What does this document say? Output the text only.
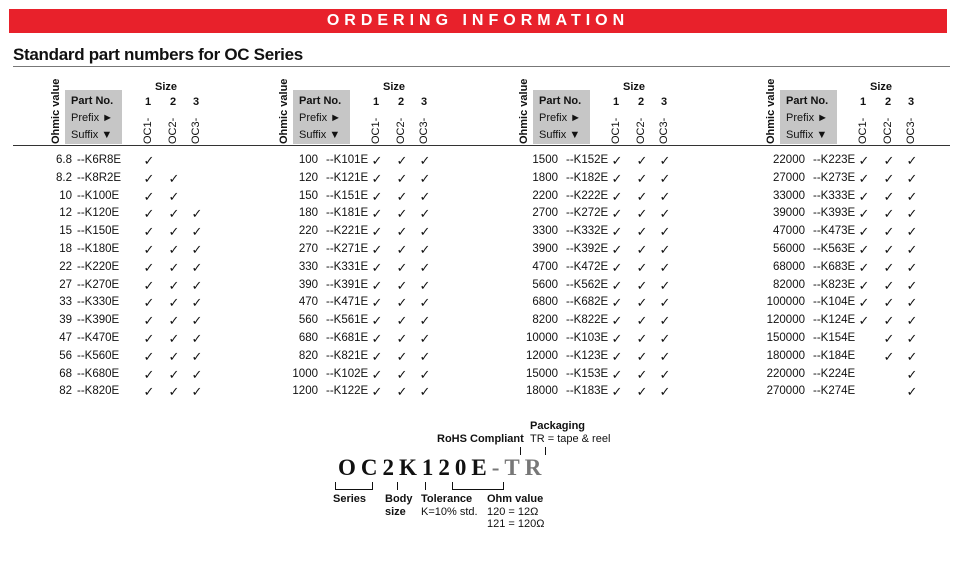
ORDERING INFORMATION
Standard part numbers for OC Series
Ohmic value Part No.
Prefix ►
Suffix ▼
Size
1
OC1-
2
OC2-
3
OC3-
6.8 --K6R8E ✓
8.2 --K8R2E ✓ ✓
10 --K100E ✓ ✓
12 --K120E ✓ ✓ ✓
15 --K150E ✓ ✓ ✓
18 --K180E ✓ ✓ ✓
22 --K220E ✓ ✓ ✓
27 --K270E ✓ ✓ ✓
33 --K330E ✓ ✓ ✓
39 --K390E ✓ ✓ ✓
47 --K470E ✓ ✓ ✓
56 --K560E ✓ ✓ ✓
68 --K680E ✓ ✓ ✓
82 --K820E ✓ ✓ ✓
Ohmic value Part No.
Prefix ►
Suffix ▼
Size
1
OC1-
2
OC2-
3
OC3-
100 --K101E ✓ ✓ ✓
120 --K121E ✓ ✓ ✓
150 --K151E ✓ ✓ ✓
180 --K181E ✓ ✓ ✓
220 --K221E ✓ ✓ ✓
270 --K271E ✓ ✓ ✓
330 --K331E ✓ ✓ ✓
390 --K391E ✓ ✓ ✓
470 --K471E ✓ ✓ ✓
560 --K561E ✓ ✓ ✓
680 --K681E ✓ ✓ ✓
820 --K821E ✓ ✓ ✓
1000 --K102E ✓ ✓ ✓
1200 --K122E ✓ ✓ ✓
Ohmic value Part No.
Prefix ►
Suffix ▼
Size
1
OC1-
2
OC2-
3
OC3-
1500 --K152E ✓ ✓ ✓
1800 --K182E ✓ ✓ ✓
2200 --K222E ✓ ✓ ✓
2700 --K272E ✓ ✓ ✓
3300 --K332E ✓ ✓ ✓
3900 --K392E ✓ ✓ ✓
4700 --K472E ✓ ✓ ✓
5600 --K562E ✓ ✓ ✓
6800 --K682E ✓ ✓ ✓
8200 --K822E ✓ ✓ ✓
10000 --K103E ✓ ✓ ✓
12000 --K123E ✓ ✓ ✓
15000 --K153E ✓ ✓ ✓
18000 --K183E ✓ ✓ ✓
Ohmic value Part No.
Prefix ►
Suffix ▼
Size
1
OC1-
2
OC2-
3
OC3-
22000 --K223E ✓ ✓ ✓
27000 --K273E ✓ ✓ ✓
33000 --K333E ✓ ✓ ✓
39000 --K393E ✓ ✓ ✓
47000 --K473E ✓ ✓ ✓
56000 --K563E ✓ ✓ ✓
68000 --K683E ✓ ✓ ✓
82000 --K823E ✓ ✓ ✓
100000 --K104E ✓ ✓ ✓
120000 --K124E ✓ ✓ ✓
150000 --K154E ✓ ✓
180000 --K184E ✓ ✓
220000 --K224E	✓
270000 --K274E	✓
Packaging
TR = tape & reel
RoHS Compliant
OC2K120E-TR
Series Body
size
Tolerance
K=10% std.
Ohm value
120 = 12Ω
121 = 120Ω
